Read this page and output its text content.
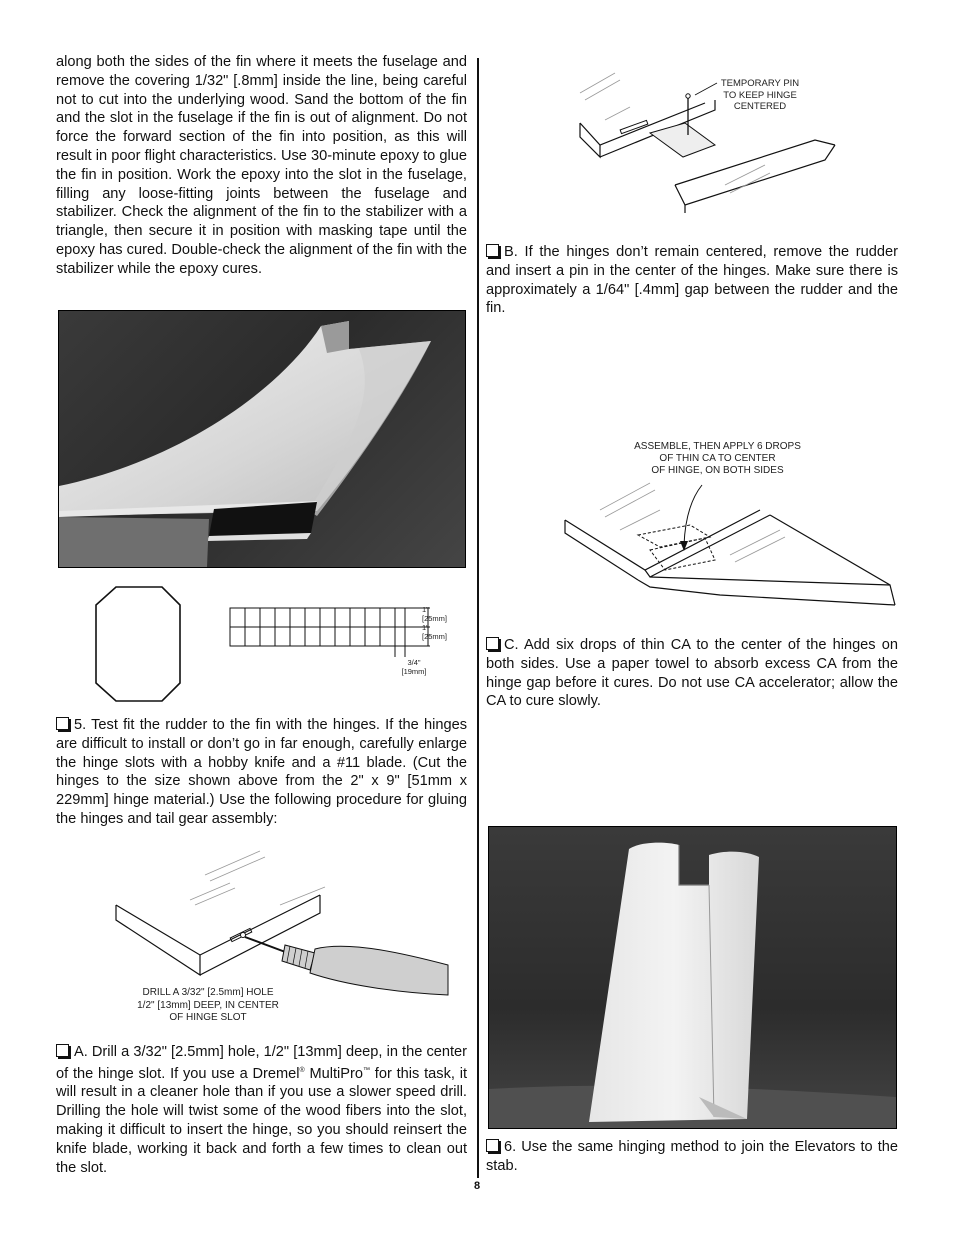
along both the sides of the fin where it meets the fuselage and remove the covering 1/32" [.8mm] inside the line, being careful not to cut into the underlying wood. Sand the bottom of the fin and the slot in the fuselage if the fin is out of alignment. Do not force the forward section of the fin into position, as this will result in poor flight characteristics. Use 30-minute epoxy to glue the fin in position. Work the epoxy into the slot in the fuselage, filling any loose-fitting joints between the fuselage and stabilizer. Check the alignment of the fin to the stabilizer with a triangle, then secure it in position with masking tape until the epoxy has cured. Double-check the alignment of the fin with the stabilizer while the epoxy cures.

1"
[25mm]
1"
[25mm]
3/4"
[19mm]

5. Test fit the rudder to the fin with the hinges. If the hinges are difficult to install or don’t go in far enough, carefully enlarge the hinge slots with a hobby knife and a #11 blade. (Cut the hinges to the size shown above from the 2" x 9" [51mm x 229mm] hinge material.) Use the following procedure for gluing the hinges and tail gear assembly:

DRILL A 3/32" [2.5mm] HOLE
1/2" [13mm] DEEP, IN CENTER
OF HINGE SLOT

A. Drill a 3/32" [2.5mm] hole, 1/2" [13mm] deep, in the center of the hinge slot. If you use a Dremel® MultiPro™ for this task, it will result in a cleaner hole than if you use a slower speed drill. Drilling the hole will twist some of the wood fibers into the slot, making it difficult to insert the hinge, so you should reinsert the knife blade, working it back and forth a few times to clean out the slot.

TEMPORARY PIN
TO KEEP HINGE
CENTERED

B. If the hinges don’t remain centered, remove the rudder and insert a pin in the center of the hinges. Make sure there is approximately a 1/64" [.4mm] gap between the rudder and the fin.

ASSEMBLE, THEN APPLY 6 DROPS
OF THIN CA TO CENTER
OF HINGE, ON BOTH SIDES

C. Add six drops of thin CA to the center of the hinges on both sides. Use a paper towel to absorb excess CA from the hinge gap before it cures. Do not use CA accelerator; allow the CA to cure slowly.

6. Use the same hinging method to join the Elevators to the stab.

8
